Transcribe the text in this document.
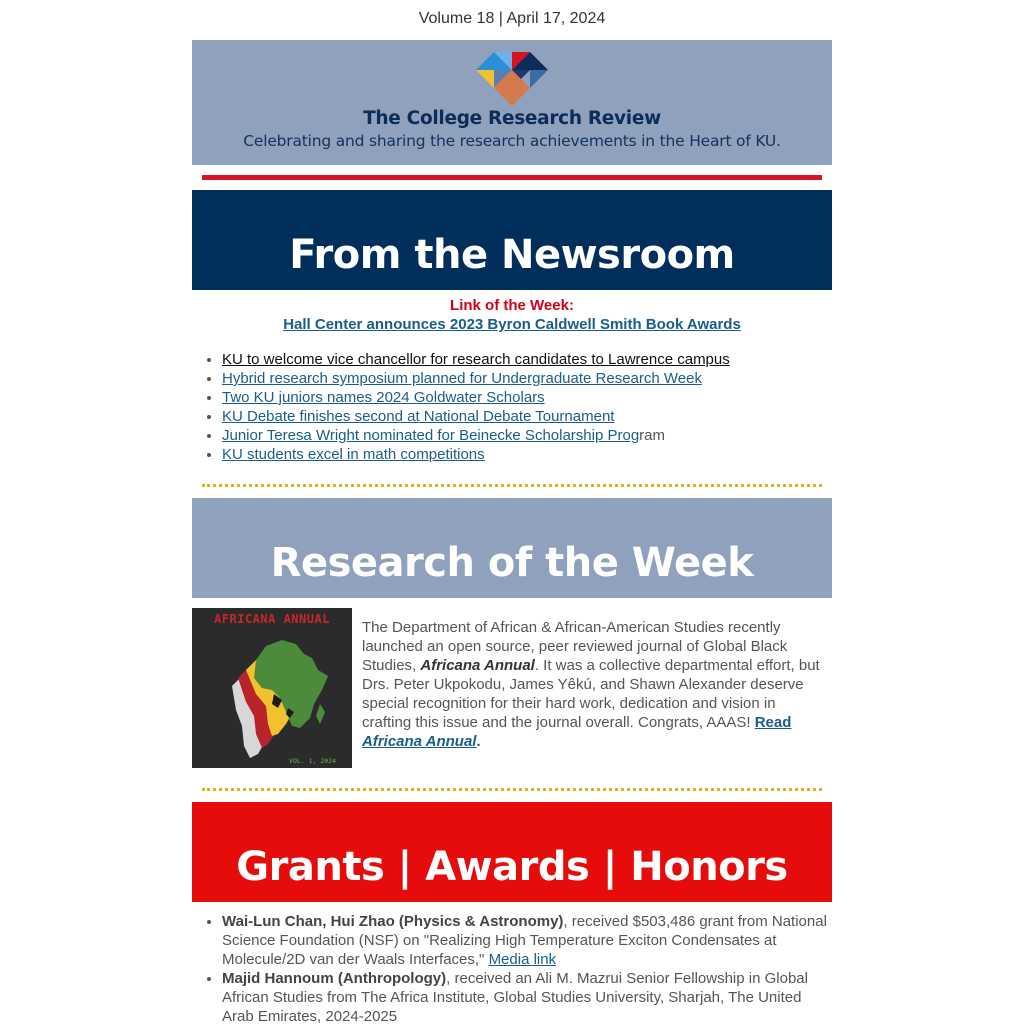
Volume 18 | April 17, 2024
The College Research Review
Celebrating and sharing the research achievements in the Heart of KU.
From the Newsroom
Link of the Week:
Hall Center announces 2023 Byron Caldwell Smith Book Awards
• KU to welcome vice chancellor for research candidates to Lawrence campus
• Hybrid research symposium planned for Undergraduate Research Week
• Two KU juniors names 2024 Goldwater Scholars
• KU Debate finishes second at National Debate Tournament
• Junior Teresa Wright nominated for Beinecke Scholarship Program
• KU students excel in math competitions
Research of the Week
AFRICANA ANNUAL
VOL. 1, 2024
The Department of African & African-American Studies recently launched an open source, peer reviewed journal of Global Black Studies, Africana Annual. It was a collective departmental effort, but Drs. Peter Ukpokodu, James Yêkú, and Shawn Alexander deserve special recognition for their hard work, dedication and vision in crafting this issue and the journal overall. Congrats, AAAS! Read Africana Annual.
Grants | Awards | Honors
• Wai-Lun Chan, Hui Zhao (Physics & Astronomy), received $503,486 grant from National Science Foundation (NSF) on "Realizing High Temperature Exciton Condensates at Molecule/2D van der Waals Interfaces," Media link
• Majid Hannoum (Anthropology), received an Ali M. Mazrui Senior Fellowship in Global African Studies from The Africa Institute, Global Studies University, Sharjah, The United Arab Emirates, 2024-2025
